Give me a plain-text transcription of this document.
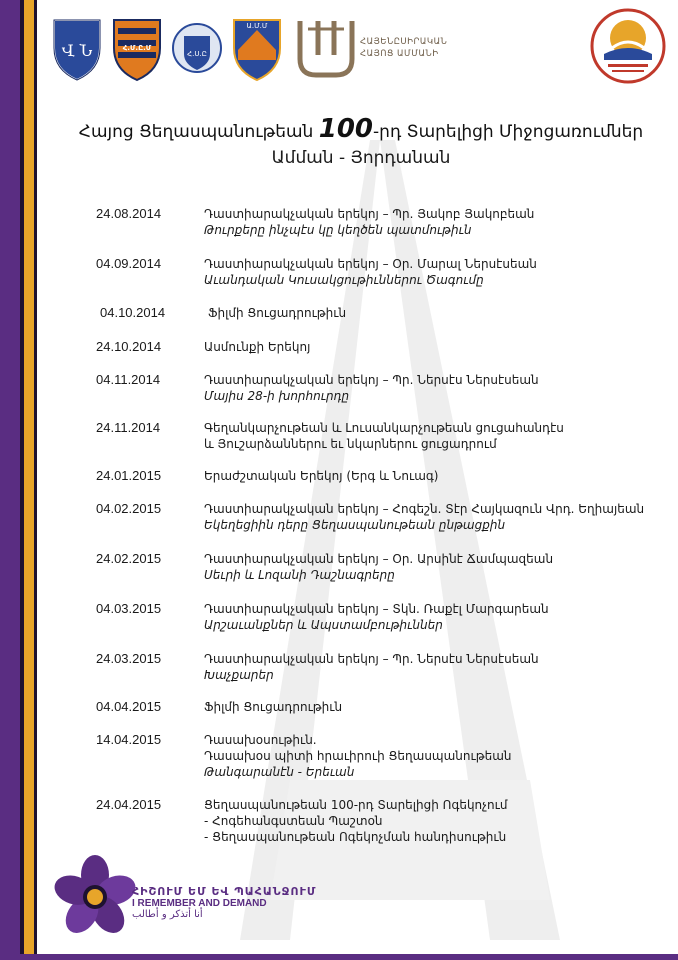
Վ Ն	Հ.Մ.Ը.Մ
Հ.Ս.Ը
Ա.Մ.Մ
ՀԱՅԵՆԸՍԻՐԱԿԱՆ
ՀԱՅՈՑ ԱՄՄԱՆԻ
Հայոց Ցեղասպանութեան 100-րդ Տարելիցի Միջոցառումներ
Ամման - Յորդանան
24.08.2014	Դաստիարակչական երեկոյ – Պր. Յակոբ Յակոբեան
Թուրքերը ինչպէս կը կեղծեն պատմութիւն
04.09.2014	Դաստիարակչական երեկոյ – Օր. Մարալ Ներսէսեան
Աւանդական Կուսակցութիւններու Ծագումը
04.10.2014	Ֆիլմի Ցուցադրութիւն
24.10.2014	Ասմունքի Երեկոյ
04.11.2014	Դաստիարակչական երեկոյ – Պր. Ներսէս Ներսէսեան
Մայիս 28-ի խորհուրդը
24.11.2014	Գեղանկարչութեան և Լուսանկարչութեան ցուցահանդէս
և Յուշարձաններու եւ նկարներու ցուցադրում
24.01.2015	Երաժշտական Երեկոյ (Երգ և Նուագ)
04.02.2015	Դաստիարակչական երեկոյ – Հոգեշն. Տէր Հայկազուն Վրդ. Եղիայեան
Եկեղեցիին դերը Ցեղասպանութեան ընթացքին
24.02.2015	Դաստիարակչական երեկոյ – Օր. Արսինէ Ճամպազեան
Սեւրի և Լոզանի Դաշնագրերը
04.03.2015	Դաստիարակչական երեկոյ – Տկն. Ռաքէլ Մարգարեան
Արշաւանքներ և Ապստամբութիւններ
24.03.2015	Դաստիարակչական երեկոյ – Պր. Ներսէս Ներսէսեան
Խաչքարեր
04.04.2015	Ֆիլմի Ցուցադրութիւն
14.04.2015	Դասախօսութիւն.
Դասախօս պիտի հրաւիրուի Ցեղասպանութեան
Թանգարանէն - Երեւան
24.04.2015	Ցեղասպանութեան 100-րդ Տարելիցի Ոգեկոչում
- Հոգեհանգստեան Պաշտօն
- Ցեղասպանութեան Ոգեկոչման հանդիսութիւն
ՀԻՇՈՒՄ ԵՄ ԵՎ ՊԱՀԱՆՋՈՒՄ
I REMEMBER AND DEMAND
أنا أتذكر و أطالب
